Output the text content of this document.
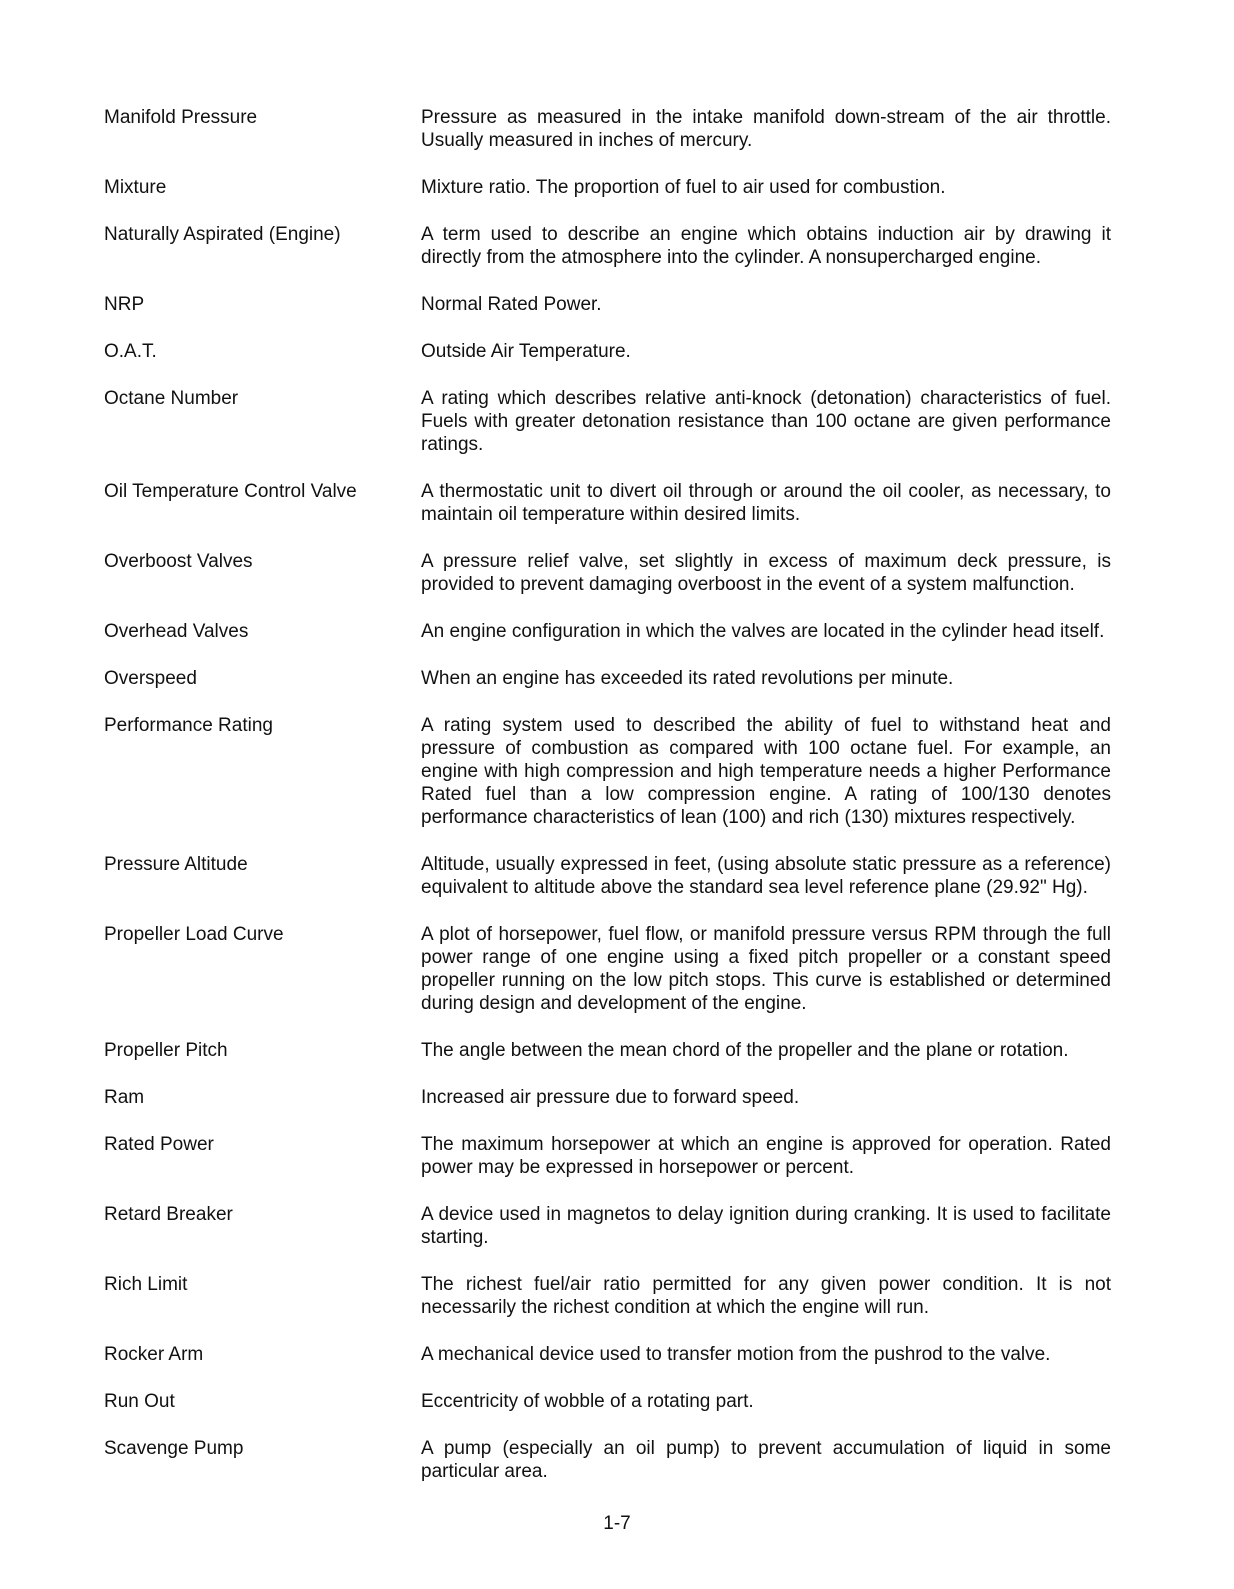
Manifold Pressure	Pressure as measured in the intake manifold down-stream of the air throttle. Usually measured in inches of mercury.
Mixture	Mixture ratio. The proportion of fuel to air used for combustion.
Naturally Aspirated (Engine)	A term used to describe an engine which obtains induction air by drawing it directly from the atmosphere into the cylinder. A nonsupercharged engine.
NRP	Normal Rated Power.
O.A.T.	Outside Air Temperature.
Octane Number	A rating which describes relative anti-knock (detonation) characteristics of fuel. Fuels with greater detonation resistance than 100 octane are given performance ratings.
Oil Temperature Control Valve	A thermostatic unit to divert oil through or around the oil cooler, as necessary, to maintain oil temperature within desired limits.
Overboost Valves	A pressure relief valve, set slightly in excess of maximum deck pressure, is provided to prevent damaging overboost in the event of a system malfunction.
Overhead Valves	An engine configuration in which the valves are located in the cylinder head itself.
Overspeed	When an engine has exceeded its rated revolutions per minute.
Performance Rating	A rating system used to described the ability of fuel to withstand heat and pressure of combustion as compared with 100 octane fuel. For example, an engine with high compression and high temperature needs a higher Performance Rated fuel than a low compression engine. A rating of 100/130 denotes performance characteristics of lean (100) and rich (130) mixtures respectively.
Pressure Altitude	Altitude, usually expressed in feet, (using absolute static pressure as a reference) equivalent to altitude above the standard sea level reference plane (29.92" Hg).
Propeller Load Curve	A plot of horsepower, fuel flow, or manifold pressure versus RPM through the full power range of one engine using a fixed pitch propeller or a constant speed propeller running on the low pitch stops. This curve is established or determined during design and development of the engine.
Propeller Pitch	The angle between the mean chord of the propeller and the plane or rotation.
Ram	Increased air pressure due to forward speed.
Rated Power	The maximum horsepower at which an engine is approved for operation. Rated power may be expressed in horsepower or percent.
Retard Breaker	A device used in magnetos to delay ignition during cranking. It is used to facilitate starting.
Rich Limit	The richest fuel/air ratio permitted for any given power condition. It is not necessarily the richest condition at which the engine will run.
Rocker Arm	A mechanical device used to transfer motion from the pushrod to the valve.
Run Out	Eccentricity of wobble of a rotating part.
Scavenge Pump	A pump (especially an oil pump) to prevent accumulation of liquid in some particular area.
1-7
